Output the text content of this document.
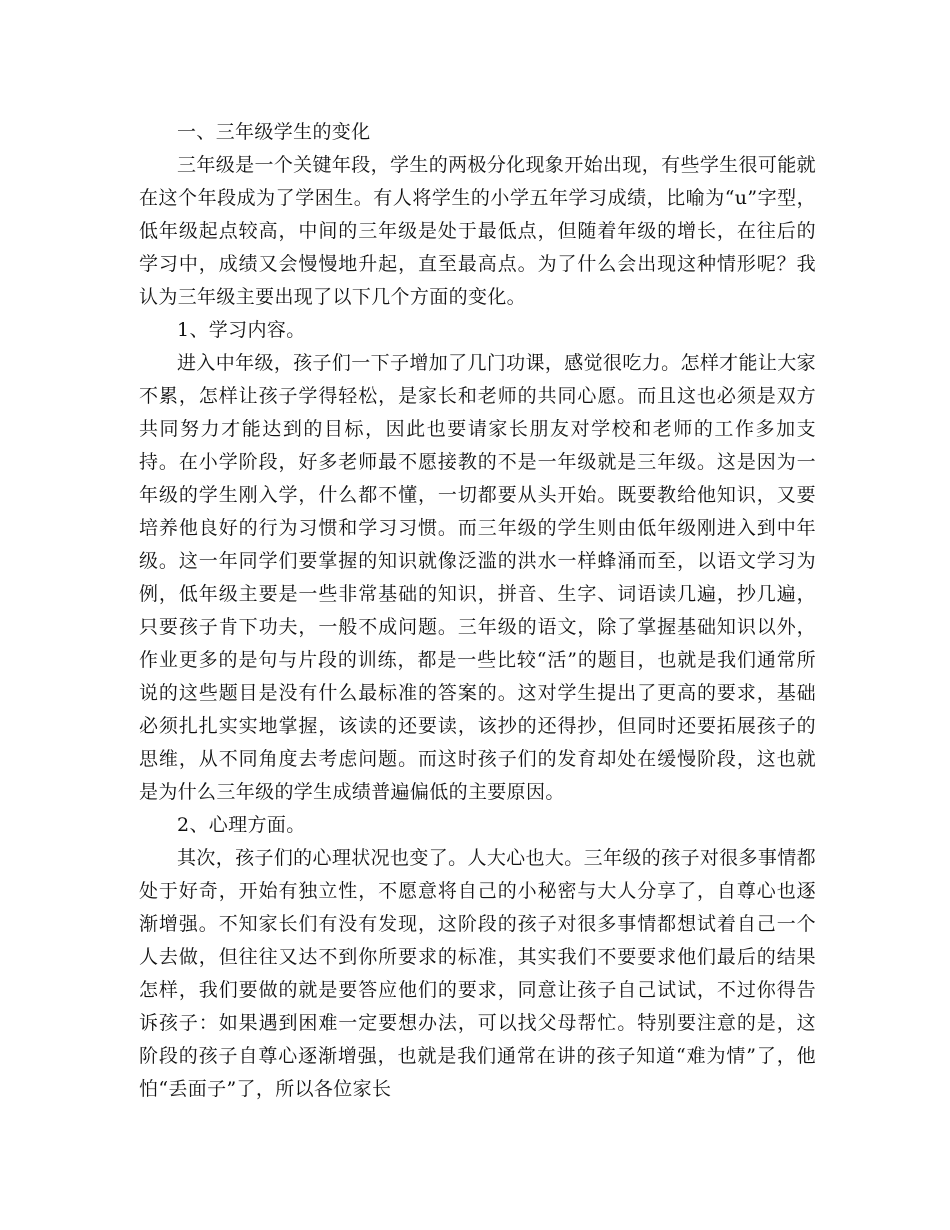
一、三年级学生的变化

三年级是一个关键年段，学生的两极分化现象开始出现，有些学生很可能就在这个年段成为了学困生。有人将学生的小学五年学习成绩，比喻为“u”字型，低年级起点较高，中间的三年级是处于最低点，但随着年级的增长，在往后的学习中，成绩又会慢慢地升起，直至最高点。为了什么会出现这种情形呢？我认为三年级主要出现了以下几个方面的变化。

1、学习内容。

进入中年级，孩子们一下子增加了几门功课，感觉很吃力。怎样才能让大家不累，怎样让孩子学得轻松，是家长和老师的共同心愿。而且这也必须是双方共同努力才能达到的目标，因此也要请家长朋友对学校和老师的工作多加支持。在小学阶段，好多老师最不愿接教的不是一年级就是三年级。这是因为一年级的学生刚入学，什么都不懂，一切都要从头开始。既要教给他知识，又要培养他良好的行为习惯和学习习惯。而三年级的学生则由低年级刚进入到中年级。这一年同学们要掌握的知识就像泛滥的洪水一样蜂涌而至，以语文学习为例，低年级主要是一些非常基础的知识，拼音、生字、词语读几遍，抄几遍，只要孩子肯下功夫，一般不成问题。三年级的语文，除了掌握基础知识以外，作业更多的是句与片段的训练，都是一些比较“活”的题目，也就是我们通常所说的这些题目是没有什么最标准的答案的。这对学生提出了更高的要求，基础必须扎扎实实地掌握，该读的还要读，该抄的还得抄，但同时还要拓展孩子的思维，从不同角度去考虑问题。而这时孩子们的发育却处在缓慢阶段，这也就是为什么三年级的学生成绩普遍偏低的主要原因。

2、心理方面。

其次，孩子们的心理状况也变了。人大心也大。三年级的孩子对很多事情都处于好奇，开始有独立性，不愿意将自己的小秘密与大人分享了，自尊心也逐渐增强。不知家长们有没有发现，这阶段的孩子对很多事情都想试着自己一个人去做，但往往又达不到你所要求的标准，其实我们不要要求他们最后的结果怎样，我们要做的就是要答应他们的要求，同意让孩子自己试试，不过你得告诉孩子：如果遇到困难一定要想办法，可以找父母帮忙。特别要注意的是，这阶段的孩子自尊心逐渐增强，也就是我们通常在讲的孩子知道“难为情”了，他怕“丢面子”了，所以各位家长
